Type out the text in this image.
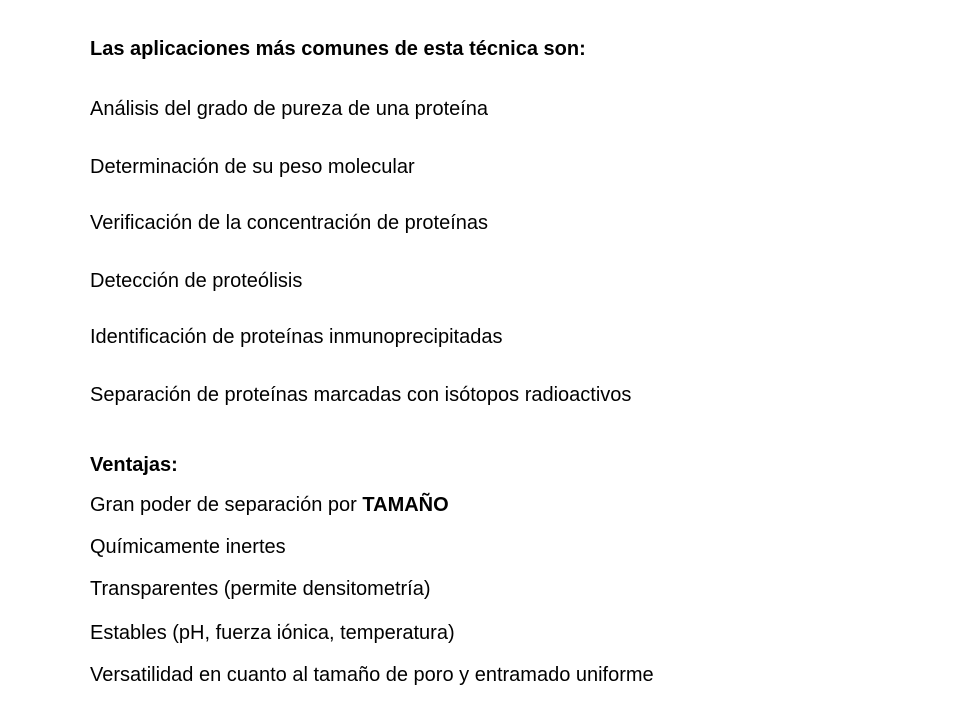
Las aplicaciones más comunes de esta técnica son:

Análisis del grado de pureza de una proteína

Determinación de su peso molecular

Verificación de la concentración de proteínas

Detección de proteólisis

Identificación de proteínas inmunoprecipitadas

Separación de proteínas marcadas con isótopos radioactivos

Ventajas:

Gran poder de separación por TAMAÑO

Químicamente inertes

Transparentes (permite densitometría)

Estables (pH, fuerza iónica, temperatura)

Versatilidad en cuanto al tamaño de poro y entramado uniforme
